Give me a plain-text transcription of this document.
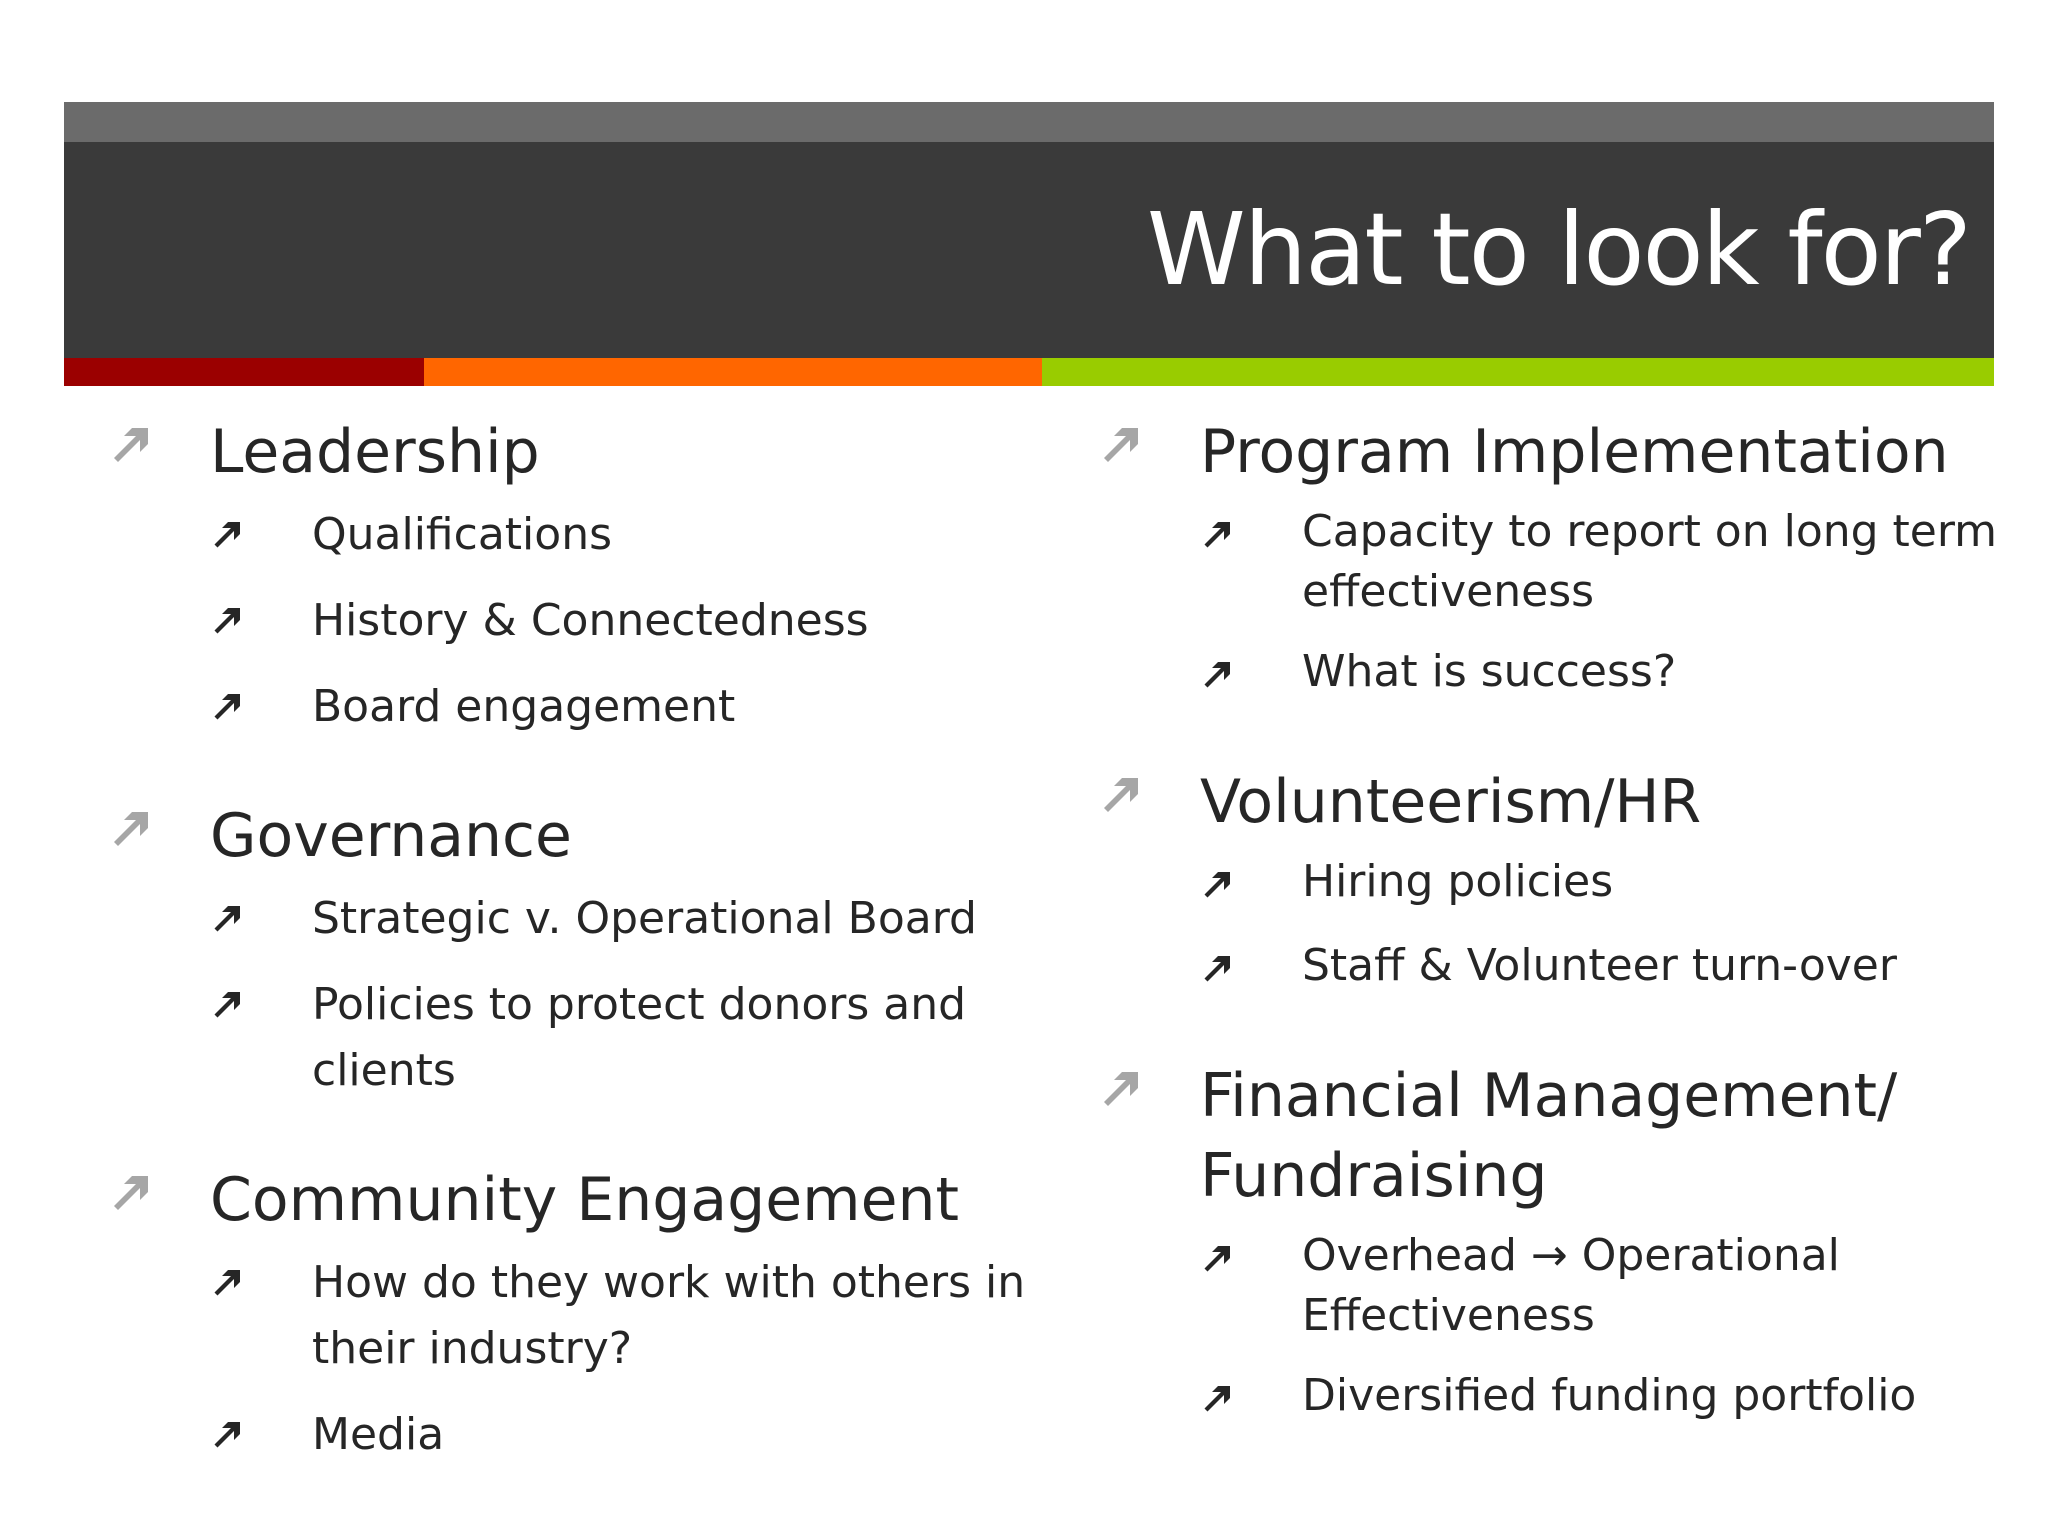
What to look for?
Leadership
Qualifications
History & Connectedness
Board engagement
Governance
Strategic v. Operational Board
Policies to protect donors and clients
Community Engagement
How do they work with others in their industry?
Media
Program Implementation
Capacity to report on long term effectiveness
What is success?
Volunteerism/HR
Hiring policies
Staff & Volunteer turn-over
Financial Management/ Fundraising
Overhead → Operational Effectiveness
Diversified funding portfolio
